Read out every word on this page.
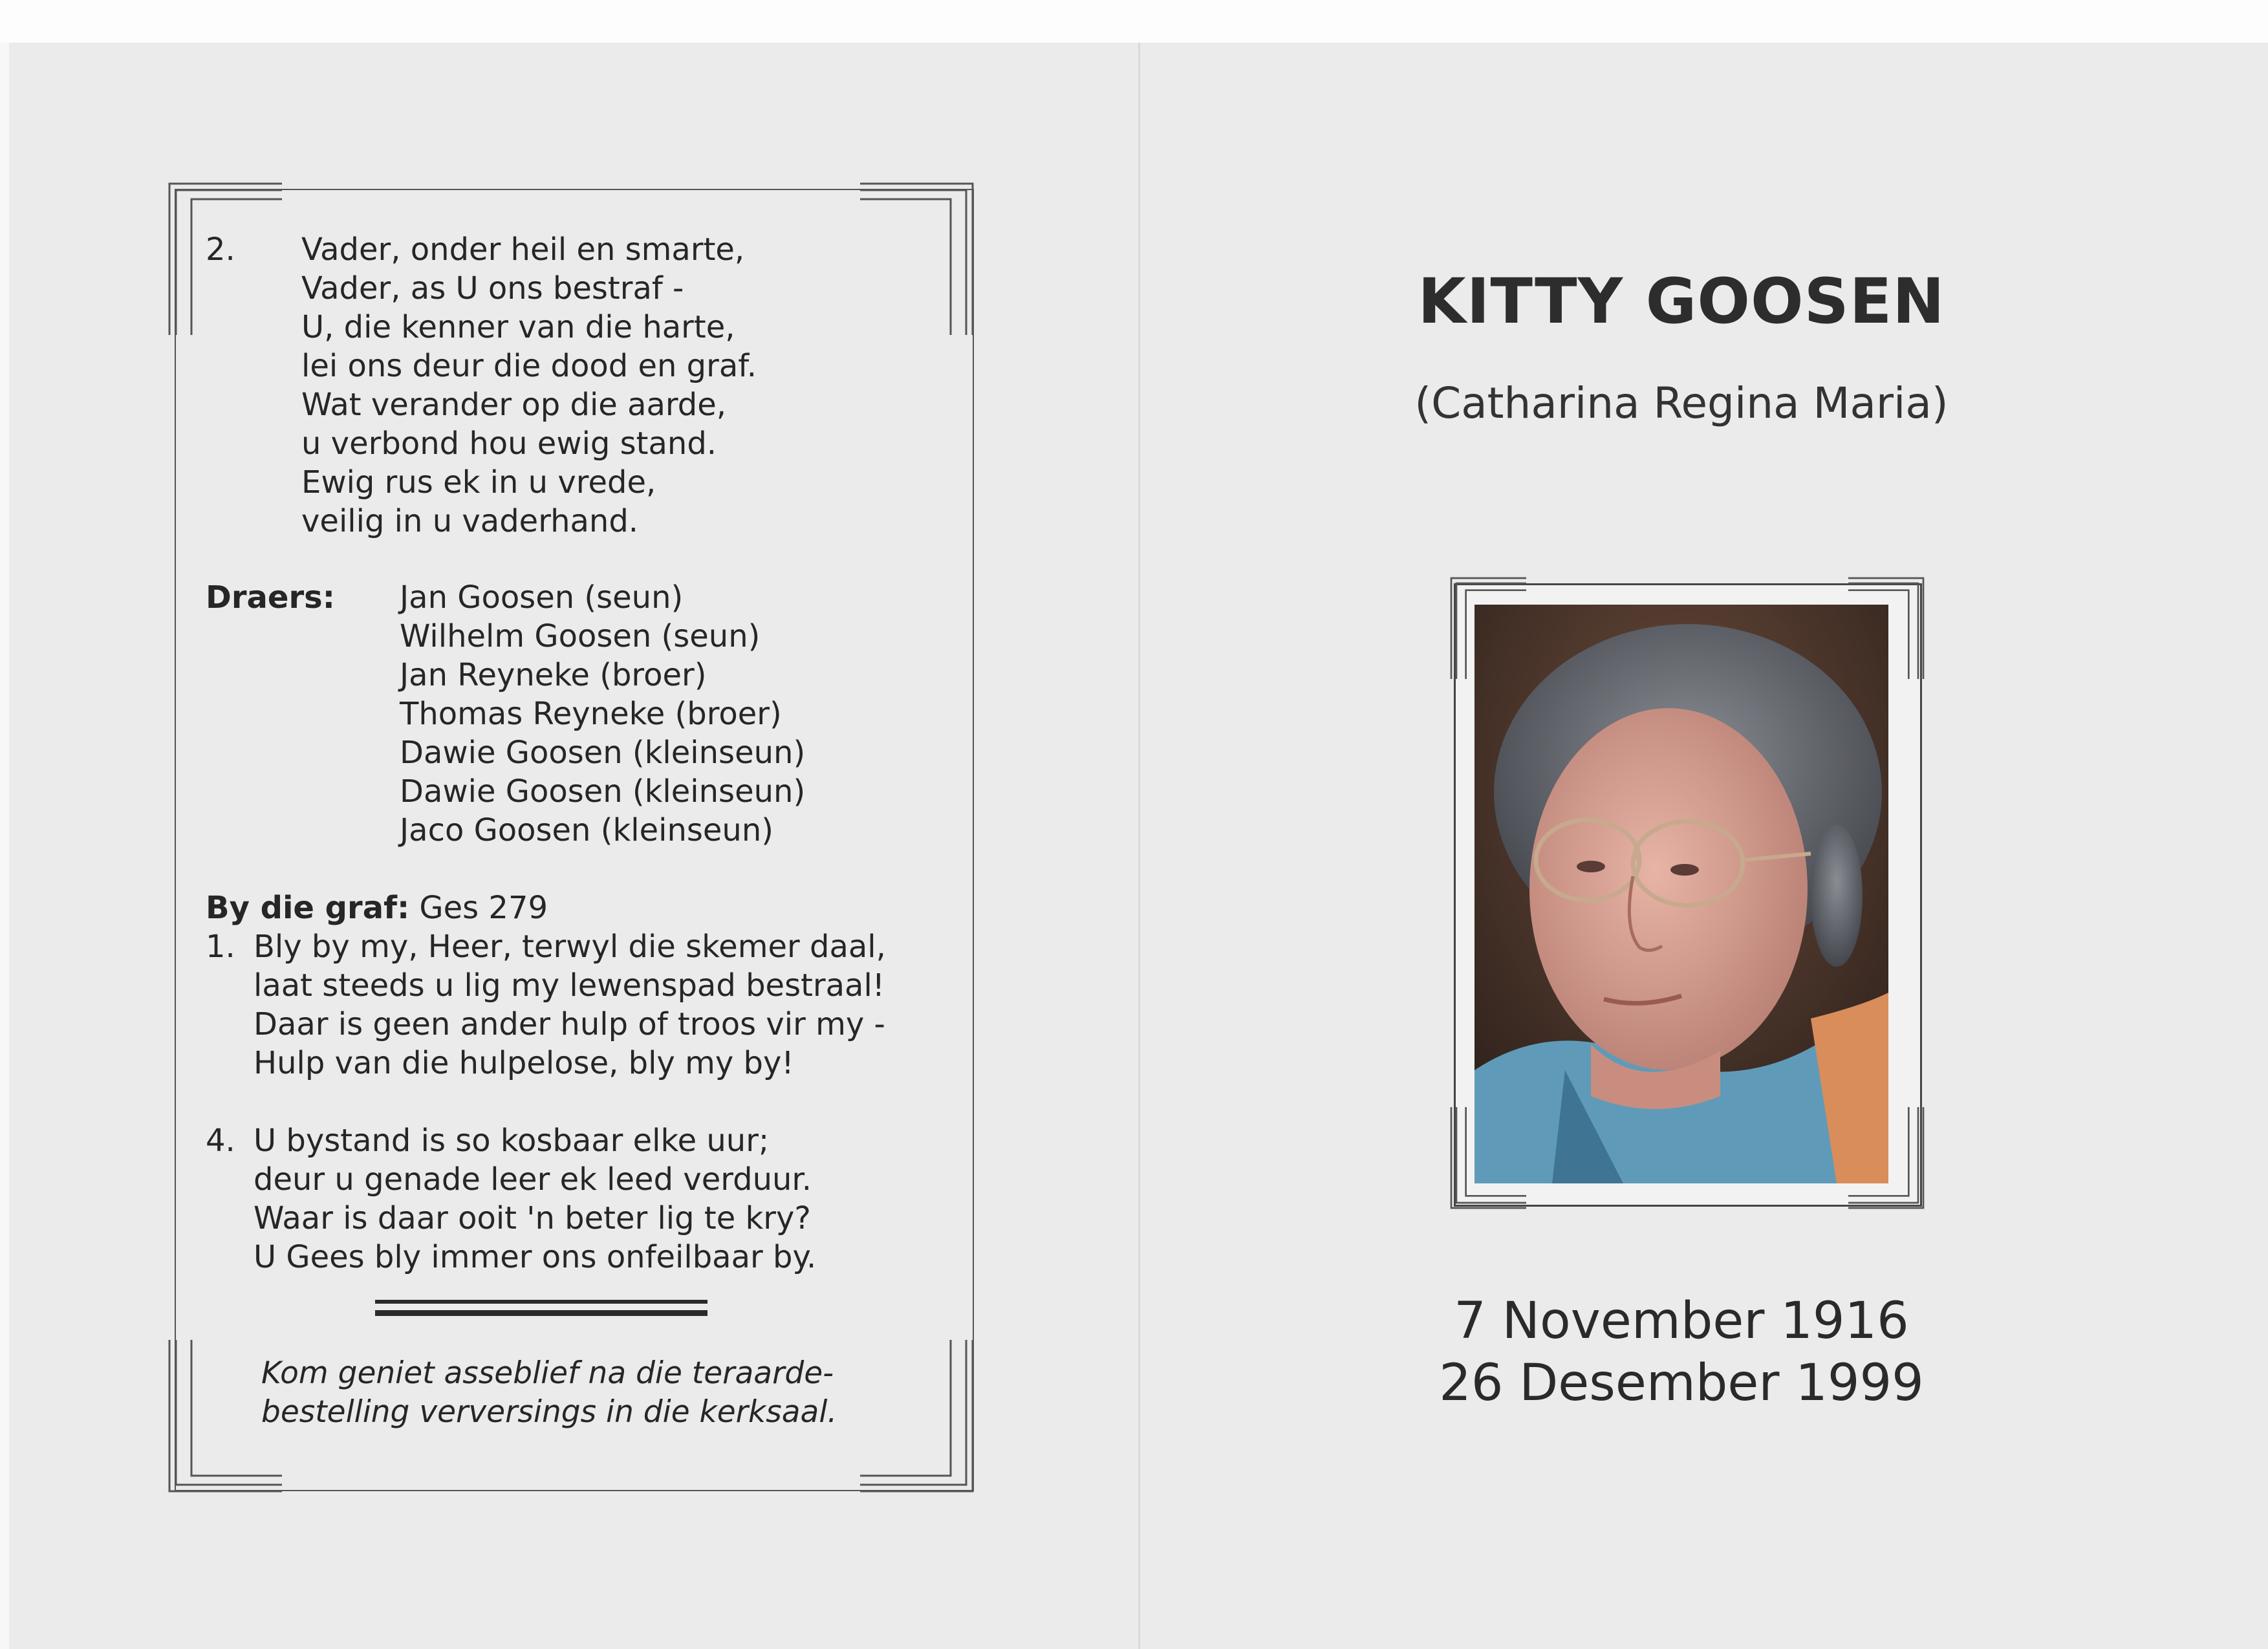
2. Vader, onder heil en smarte,
Vader, as U ons bestraf -
U, die kenner van die harte,
lei ons deur die dood en graf.
Wat verander op die aarde,
u verbond hou ewig stand.
Ewig rus ek in u vrede,
veilig in u vaderhand.
Draers: Jan Goosen (seun)
Wilhelm Goosen (seun)
Jan Reyneke (broer)
Thomas Reyneke (broer)
Dawie Goosen (kleinseun)
Dawie Goosen (kleinseun)
Jaco Goosen (kleinseun)
By die graf: Ges 279
1. Bly by my, Heer, terwyl die skemer daal,
laat steeds u lig my lewenspad bestraal!
Daar is geen ander hulp of troos vir my -
Hulp van die hulpelose, bly my by!
4. U bystand is so kosbaar elke uur;
deur u genade leer ek leed verduur.
Waar is daar ooit 'n beter lig te kry?
U Gees bly immer ons onfeilbaar by.
Kom geniet asseblief na die teraarde-
bestelling verversings in die kerksaal.
KITTY GOOSEN
(Catharina Regina Maria)
7 November 1916
26 Desember 1999
